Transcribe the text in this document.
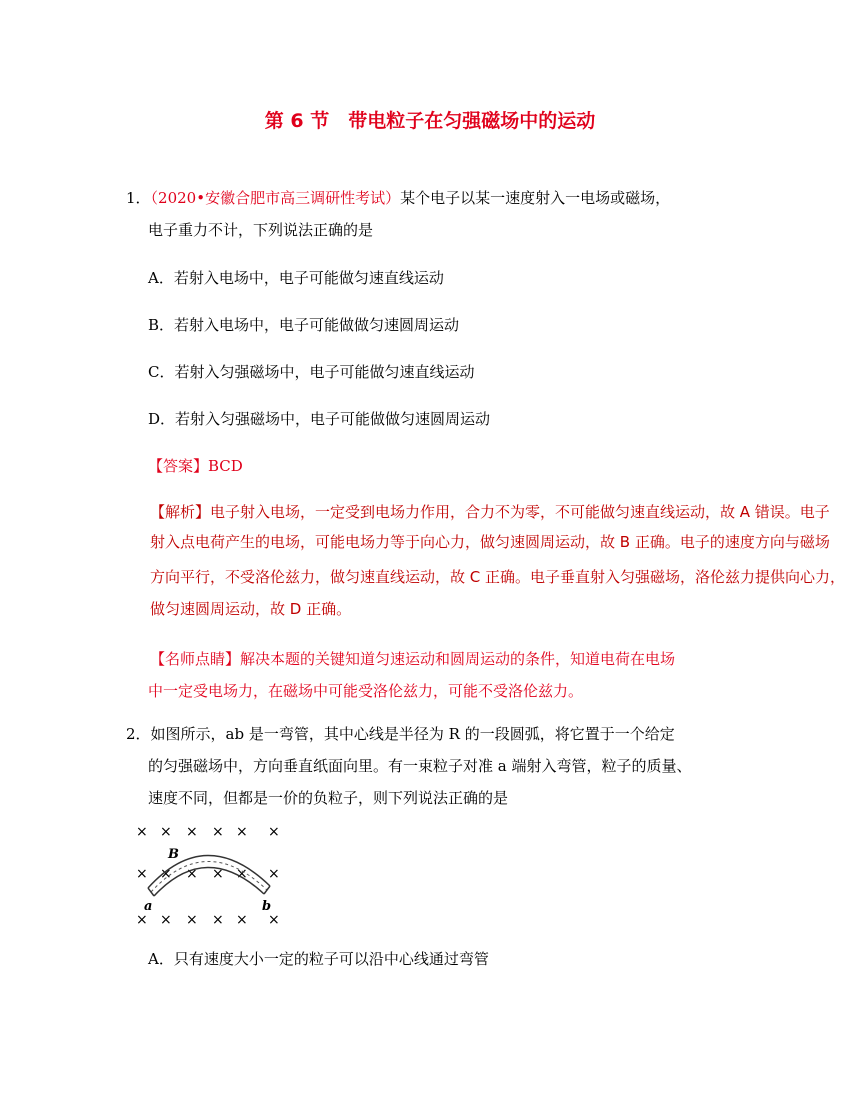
第 6 节　带电粒子在匀强磁场中的运动
1．（2020•安徽合肥市高三调研性考试）某个电子以某一速度射入一电场或磁场，
电子重力不计，下列说法正确的是
A．若射入电场中，电子可能做匀速直线运动
B．若射入电场中，电子可能做做匀速圆周运动
C．若射入匀强磁场中，电子可能做匀速直线运动
D．若射入匀强磁场中，电子可能做做匀速圆周运动
【答案】BCD
【解析】电子射入电场，一定受到电场力作用，合力不为零，不可能做匀速直线运动，故 A 错误。电子
射入点电荷产生的电场，可能电场力等于向心力，做匀速圆周运动，故 B 正确。电子的速度方向与磁场
方向平行，不受洛伦兹力，做匀速直线运动，故 C 正确。电子垂直射入匀强磁场，洛伦兹力提供向心力，
做匀速圆周运动，故 D 正确。
【名师点睛】解决本题的关键知道匀速运动和圆周运动的条件，知道电荷在电场
中一定受电场力，在磁场中可能受洛伦兹力，可能不受洛伦兹力。
2．如图所示，ab 是一弯管，其中心线是半径为 R 的一段圆弧，将它置于一个给定
的匀强磁场中，方向垂直纸面向里。有一束粒子对准 a 端射入弯管，粒子的质量、
速度不同，但都是一价的负粒子，则下列说法正确的是
× × × × × ×
× × × × × ×
× × × × × ×
B
a	b
A．只有速度大小一定的粒子可以沿中心线通过弯管
